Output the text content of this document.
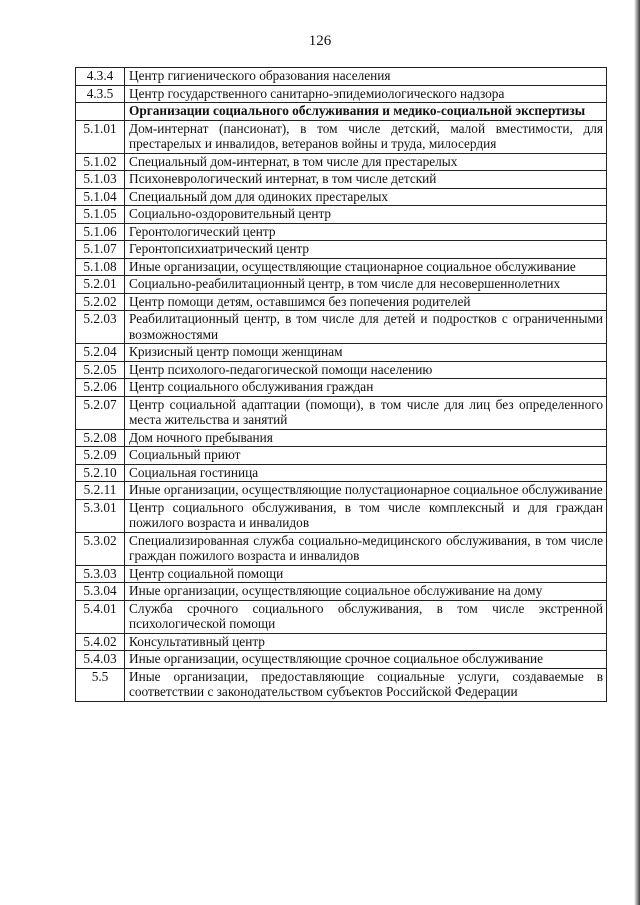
126
4.3.4	Центр гигиенического образования населения
4.3.5	Центр государственного санитарно-эпидемиологического надзора
	Организации социального обслуживания и медико-социальной экспертизы
5.1.01	Дом-интернат (пансионат), в том числе детский, малой вместимости, для престарелых и инвалидов, ветеранов войны и труда, милосердия
5.1.02	Специальный дом-интернат, в том числе для престарелых
5.1.03	Психоневрологический интернат, в том числе детский
5.1.04	Специальный дом для одиноких престарелых
5.1.05	Социально-оздоровительный центр
5.1.06	Геронтологический центр
5.1.07	Геронтопсихиатрический центр
5.1.08	Иные организации, осуществляющие стационарное социальное обслуживание
5.2.01	Социально-реабилитационный центр, в том числе для несовершеннолетних
5.2.02	Центр помощи детям, оставшимся без попечения родителей
5.2.03	Реабилитационный центр, в том числе для детей и подростков с ограниченными возможностями
5.2.04	Кризисный центр помощи женщинам
5.2.05	Центр психолого-педагогической помощи населению
5.2.06	Центр социального обслуживания граждан
5.2.07	Центр социальной адаптации (помощи), в том числе для лиц без определенного места жительства и занятий
5.2.08	Дом ночного пребывания
5.2.09	Социальный приют
5.2.10	Социальная гостиница
5.2.11	Иные организации, осуществляющие полустационарное социальное обслуживание
5.3.01	Центр социального обслуживания, в том числе комплексный и для граждан пожилого возраста и инвалидов
5.3.02	Специализированная служба социально-медицинского обслуживания, в том числе граждан пожилого возраста и инвалидов
5.3.03	Центр социальной помощи
5.3.04	Иные организации, осуществляющие социальное обслуживание на дому
5.4.01	Служба срочного социального обслуживания, в том числе экстренной психологической помощи
5.4.02	Консультативный центр
5.4.03	Иные организации, осуществляющие срочное социальное обслуживание
5.5	Иные организации, предоставляющие социальные услуги, создаваемые в соответствии с законодательством субъектов Российской Федерации
